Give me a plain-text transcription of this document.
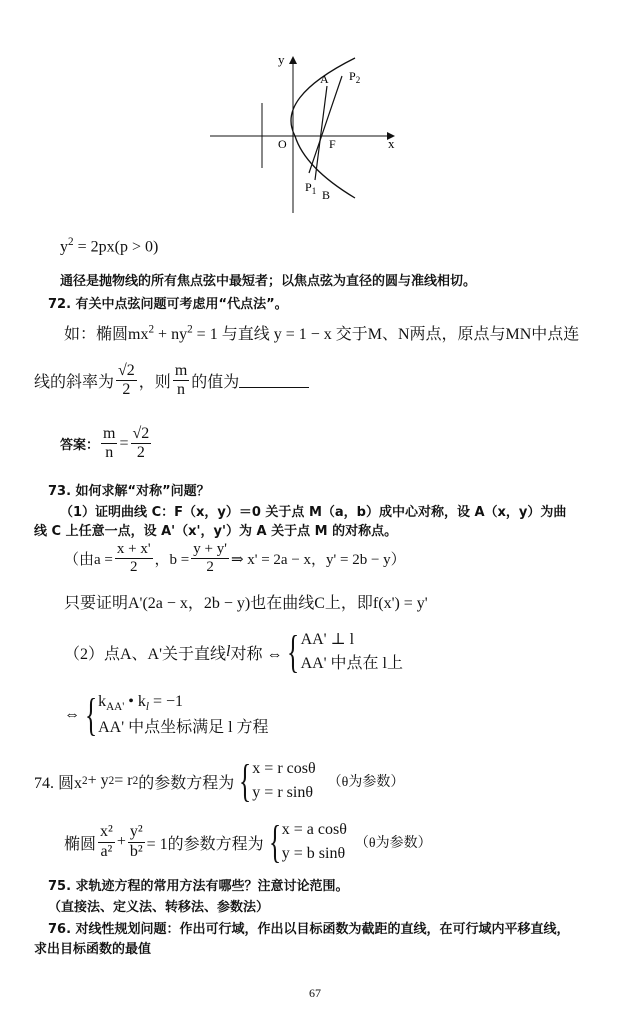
y
x
O	F
A $P_2$
$P_1$ B
$y^2 = 2px(p > 0)$
通径是抛物线的所有焦点弦中最短者；以焦点弦为直径的圆与准线相切。
72. 有关中点弦问题可考虑用“代点法”。
如：椭圆$mx^2 + ny^2 = 1$ 与直线 y = 1 − x 交于M、N两点，原点与MN中点连
线的斜率为 $\frac{√2}{2}$ ，则 $\frac{m}{n}$ 的值为
答案： $\frac{m}{n} = \frac{√2}{2}$
73. 如何求解“对称”问题？
（1）证明曲线 C：F（x，y）＝0 关于点 M（a，b）成中心对称，设 A（x，y）为曲
线 C 上任意一点，设 A'（x'，y'）为 A 关于点 M 的对称点。
（由$a = \frac{x + x'}{2}$ ，$b = \frac{y + y'}{2}$ ⇒ x' = 2a − x，y' = 2b − y）
只要证明A'(2a − x，2b − y)也在曲线C上，即f(x') = y'
（2）点A、A'关于直线 l 对称 ⇔ { AA' ⊥ l
AA' 中点在 l上
⇔ { $k_{AA'}$ • $k_l = -1$
AA' 中点坐标满足 l 方程
74. 圆x 2 + y 2 = r 2 的参数方程为 { x = r cosθ
y = r sinθ
（θ为参数）
椭圆 $\frac{\text{x²}}{\text{a²}} + \frac{\text{y²}}{\text{b²}} = 1$的参数方程为 { x = a cosθ
y = b sinθ
（θ为参数）
75. 求轨迹方程的常用方法有哪些？注意讨论范围。
（直接法、定义法、转移法、参数法）
76. 对线性规划问题：作出可行域，作出以目标函数为截距的直线，在可行域内平移直线，
求出目标函数的最值
67
